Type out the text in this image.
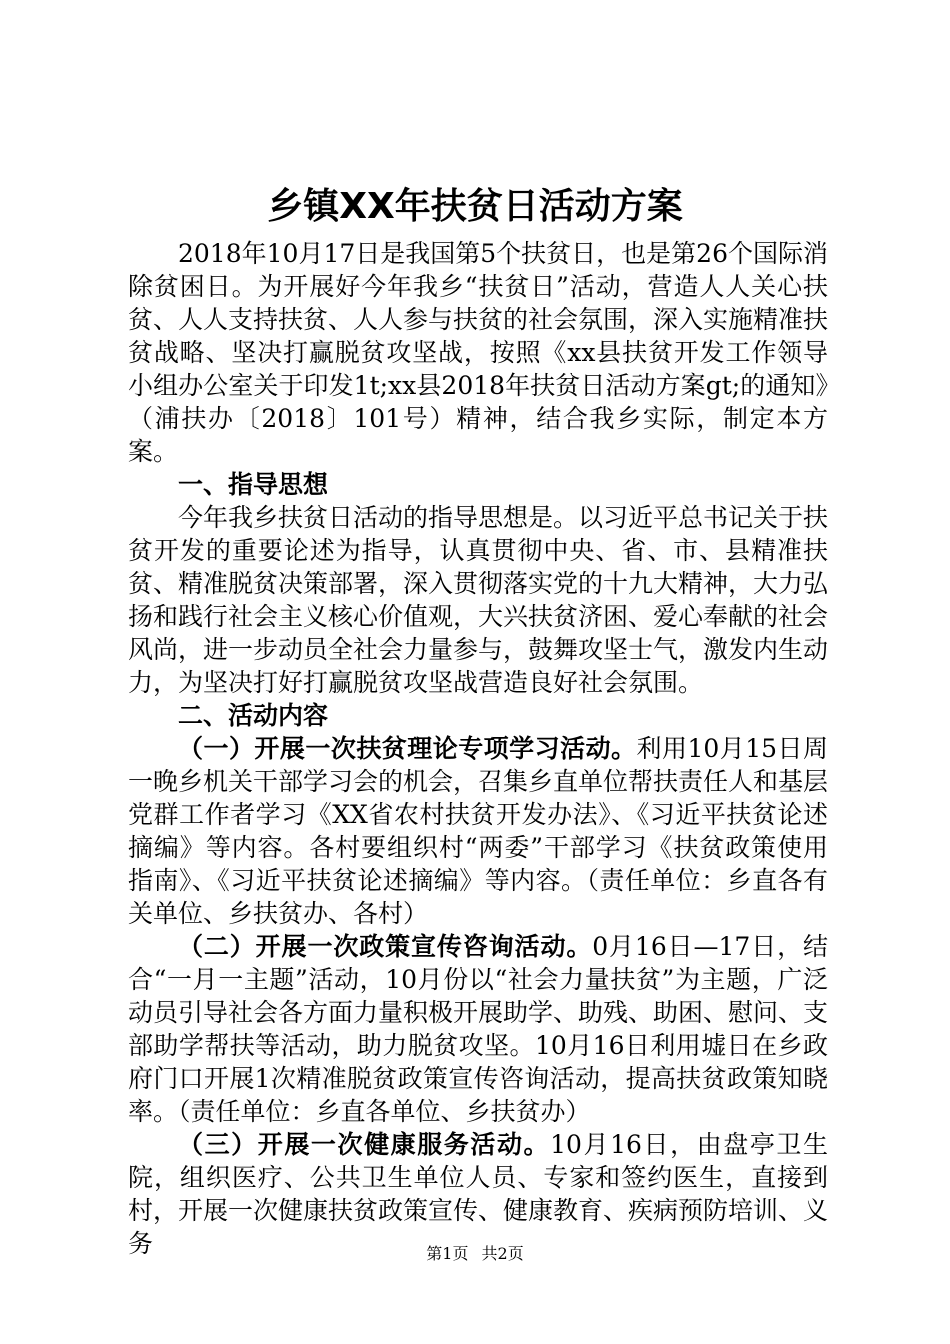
乡镇XX年扶贫日活动方案

2018年10月17日是我国第5个扶贫日，也是第26个国际消除贫困日。为开展好今年我乡“扶贫日”活动，营造人人关心扶贫、人人支持扶贫、人人参与扶贫的社会氛围，深入实施精准扶贫战略、坚决打赢脱贫攻坚战，按照《xx县扶贫开发工作领导小组办公室关于印发1t;xx县2018年扶贫日活动方案gt;的通知》（浦扶办〔2018〕101号）精神，结合我乡实际，制定本方案。

一、指导思想

今年我乡扶贫日活动的指导思想是。以习近平总书记关于扶贫开发的重要论述为指导，认真贯彻中央、省、市、县精准扶贫、精准脱贫决策部署，深入贯彻落实党的十九大精神，大力弘扬和践行社会主义核心价值观，大兴扶贫济困、爱心奉献的社会风尚，进一步动员全社会力量参与，鼓舞攻坚士气，激发内生动力，为坚决打好打赢脱贫攻坚战营造良好社会氛围。

二、活动内容

（一）开展一次扶贫理论专项学习活动。利用10月15日周一晚乡机关干部学习会的机会，召集乡直单位帮扶责任人和基层党群工作者学习《XX省农村扶贫开发办法》、《习近平扶贫论述摘编》等内容。各村要组织村“两委”干部学习《扶贫政策使用指南》、《习近平扶贫论述摘编》等内容。（责任单位：乡直各有关单位、乡扶贫办、各村）

（二）开展一次政策宣传咨询活动。0月16日—17日，结合“一月一主题”活动，10月份以“社会力量扶贫”为主题，广泛动员引导社会各方面力量积极开展助学、助残、助困、慰问、支部助学帮扶等活动，助力脱贫攻坚。10月16日利用墟日在乡政府门口开展1次精准脱贫政策宣传咨询活动，提高扶贫政策知晓率。（责任单位：乡直各单位、乡扶贫办）

（三）开展一次健康服务活动。10月16日，由盘亭卫生院，组织医疗、公共卫生单位人员、专家和签约医生，直接到村，开展一次健康扶贫政策宣传、健康教育、疾病预防培训、义务	第1页 共2页
